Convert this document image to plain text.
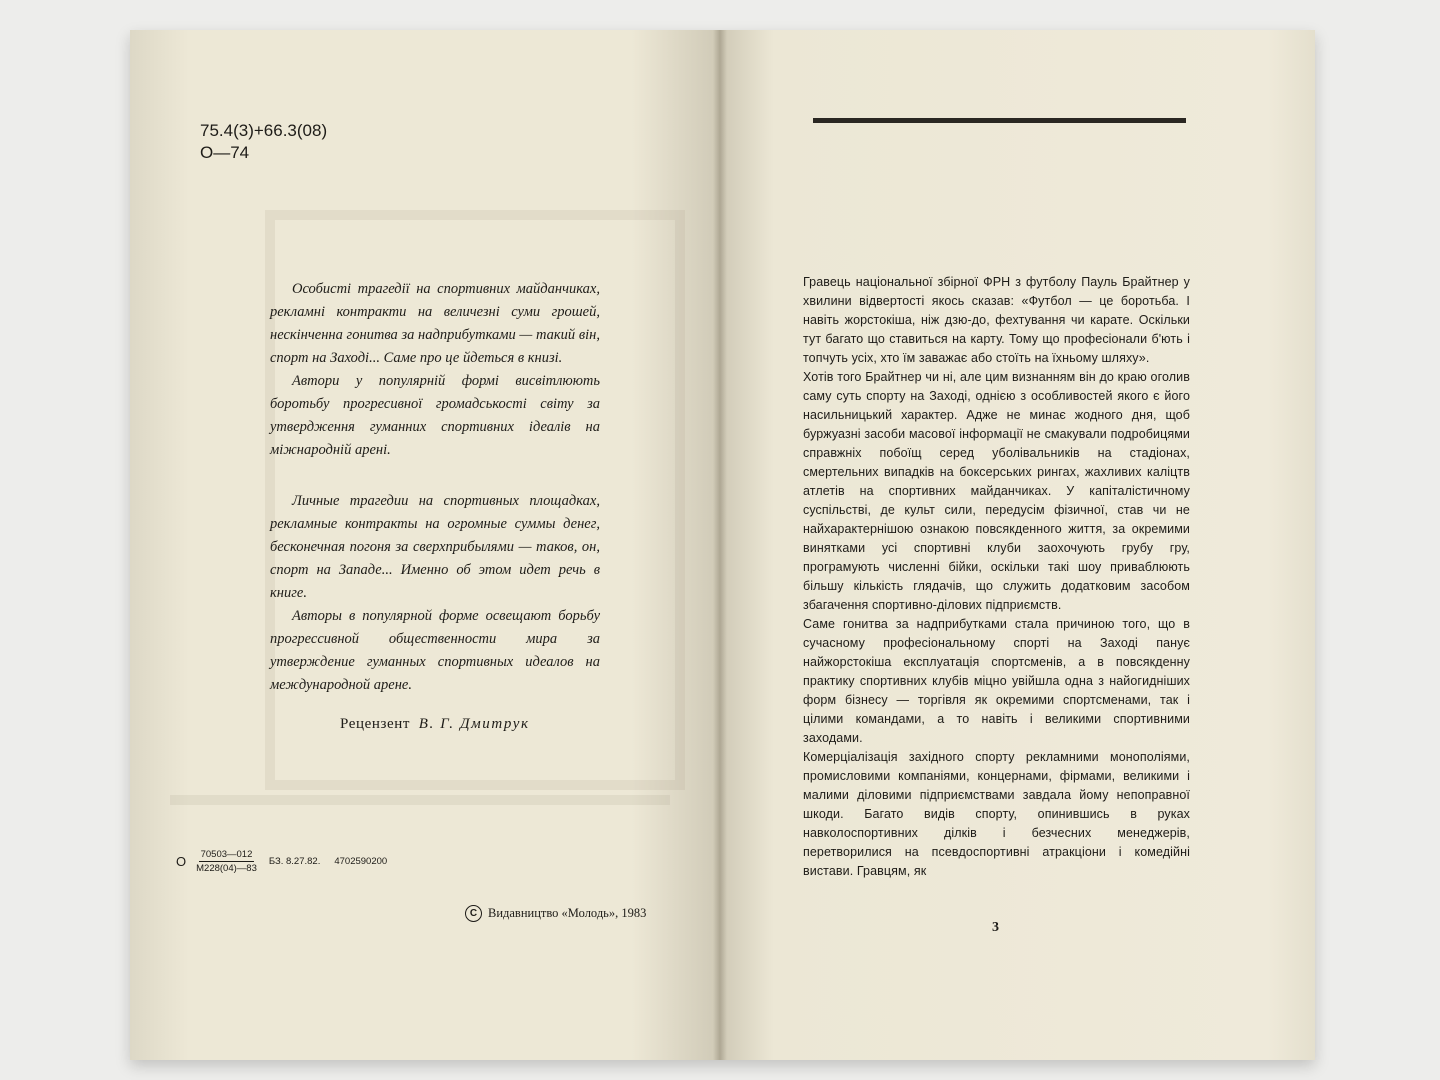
75.4(3)+66.3(08)
О—74

Особисті трагедії на спортивних майданчиках, рекламні контракти на величезні суми грошей, нескінченна гонитва за надприбутками — такий він, спорт на Заході... Саме про це йдеться в книзі.

Автори у популярній формі висвітлюють боротьбу прогресивної громадськості світу за утвердження гуманних спортивних ідеалів на міжнародній арені.

Личные трагедии на спортивных площадках, рекламные контракты на огромные суммы денег, бесконечная погоня за сверхприбылями — таков, он, спорт на Западе... Именно об этом идет речь в книге.

Авторы в популярной форме освещают борьбу прогрессивной общественности мира за утверждение гуманных спортивных идеалов на международной арене.

Рецензент В. Г. Дмитрук
О $\frac{70503—012}{М228(04)—83}$ БЗ. 8.27.82. 4702590200
C Видавництво «Молодь», 1983

Гравець національної збірної ФРН з футболу Пауль Брайтнер у хвилини відвертості якось сказав: «Футбол — це боротьба. І навіть жорстокіша, ніж дзю-до, фехтування чи карате. Оскільки тут багато що ставиться на карту. Тому що професіонали б'ють і топчуть усіх, хто їм заважає або стоїть на їхньому шляху».

Хотів того Брайтнер чи ні, але цим визнанням він до краю оголив саму суть спорту на Заході, однією з особливостей якого є його насильницький характер. Адже не минає жодного дня, щоб буржуазні засоби масової інформації не смакували подробицями справжніх побоїщ серед уболівальників на стадіонах, смертельних випадків на боксерських рингах, жахливих каліцтв атлетів на спортивних майданчиках. У капіталістичному суспільстві, де культ сили, передусім фізичної, став чи не найхарактернішою ознакою повсякденного життя, за окремими винятками усі спортивні клуби заохочують грубу гру, програмують численні бійки, оскільки такі шоу приваблюють більшу кількість глядачів, що служить додатковим засобом збагачення спортивно-ділових підприємств.

Саме гонитва за надприбутками стала причиною того, що в сучасному професіональному спорті на Заході панує найжорстокіша експлуатація спортсменів, а в повсякденну практику спортивних клубів міцно увійшла одна з найогидніших форм бізнесу — торгівля як окремими спортсменами, так і цілими командами, а то навіть і великими спортивними заходами.

Комерціалізація західного спорту рекламними монополіями, промисловими компаніями, концернами, фірмами, великими і малими діловими підприємствами завдала йому непоправної шкоди. Багато видів спорту, опинившись в руках навколоспортивних ділків і безчесних менеджерів, перетворилися на псевдоспортивні атракціони і комедійні вистави. Гравцям, як

3
